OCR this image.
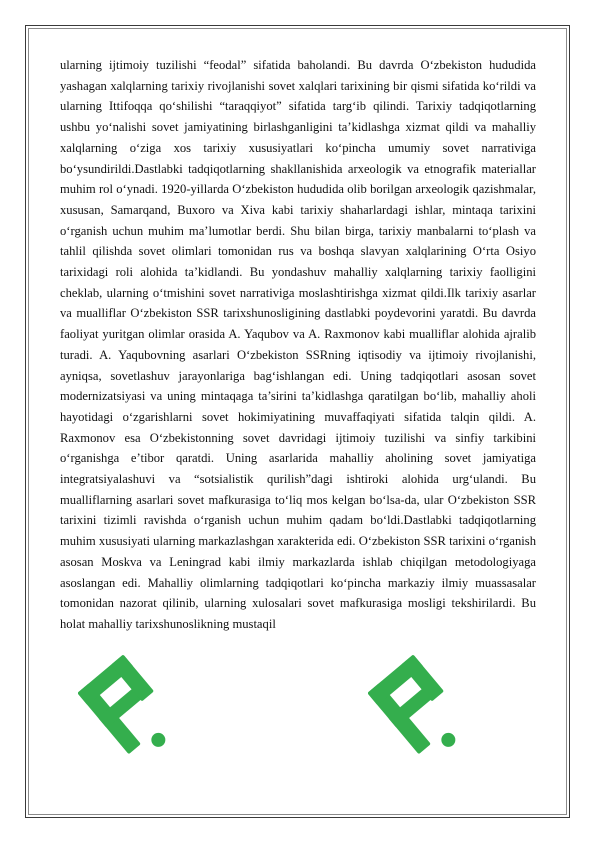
ularning ijtimoiy tuzilishi “feodal” sifatida baholandi. Bu davrda O‘zbekiston hududida yashagan xalqlarning tarixiy rivojlanishi sovet xalqlari tarixining bir qismi sifatida ko‘rildi va ularning Ittifoqqa qo‘shilishi “taraqqiyot” sifatida targ‘ib qilindi. Tarixiy tadqiqotlarning ushbu yo‘nalishi sovet jamiyatining birlashganligini ta’kidlashga xizmat qildi va mahalliy xalqlarning o‘ziga xos tarixiy xususiyatlari ko‘pincha umumiy sovet narrativiga bo‘ysundirildi.Dastlabki tadqiqotlarning shakllanishida arxeologik va etnografik materiallar muhim rol o‘ynadi. 1920-yillarda O‘zbekiston hududida olib borilgan arxeologik qazishmalar, xususan, Samarqand, Buxoro va Xiva kabi tarixiy shaharlardagi ishlar, mintaqa tarixini o‘rganish uchun muhim ma’lumotlar berdi. Shu bilan birga, tarixiy manbalarni to‘plash va tahlil qilishda sovet olimlari tomonidan rus va boshqa slavyan xalqlarining O‘rta Osiyo tarixidagi roli alohida ta’kidlandi. Bu yondashuv mahalliy xalqlarning tarixiy faolligini cheklab, ularning o‘tmishini sovet narrativiga moslashtirishga xizmat qildi.Ilk tarixiy asarlar va mualliflar O‘zbekiston SSR tarixshunosligining dastlabki poydevorini yaratdi. Bu davrda faoliyat yuritgan olimlar orasida A. Yaqubov va A. Raxmonov kabi mualliflar alohida ajralib turadi. A. Yaqubovning asarlari O‘zbekiston SSRning iqtisodiy va ijtimoiy rivojlanishi, ayniqsa, sovetlashuv jarayonlariga bag‘ishlangan edi. Uning tadqiqotlari asosan sovet modernizatsiyasi va uning mintaqaga ta’sirini ta’kidlashga qaratilgan bo‘lib, mahalliy aholi hayotidagi o‘zgarishlarni sovet hokimiyatining muvaffaqiyati sifatida talqin qildi. A. Raxmonov esa O‘zbekistonning sovet davridagi ijtimoiy tuzilishi va sinfiy tarkibini o‘rganishga e’tibor qaratdi. Uning asarlarida mahalliy aholining sovet jamiyatiga integratsiyalashuvi va “sotsialistik qurilish”dagi ishtiroki alohida urg‘ulandi. Bu mualliflarning asarlari sovet mafkurasiga to‘liq mos kelgan bo‘lsa-da, ular O‘zbekiston SSR tarixini tizimli ravishda o‘rganish uchun muhim qadam bo‘ldi.Dastlabki tadqiqotlarning muhim xususiyati ularning markazlashgan xarakterida edi. O‘zbekiston SSR tarixini o‘rganish asosan Moskva va Leningrad kabi ilmiy markazlarda ishlab chiqilgan metodologiyaga asoslangan edi. Mahalliy olimlarning tadqiqotlari ko‘pincha markaziy ilmiy muassasalar tomonidan nazorat qilinib, ularning xulosalari sovet mafkurasiga mosligi tekshirilardi. Bu holat mahalliy tarixshunoslikning mustaqil
